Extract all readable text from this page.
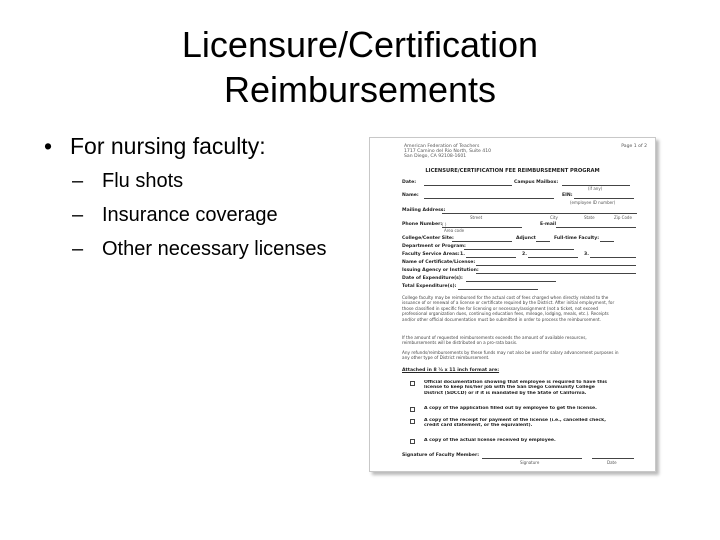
Licensure/Certification
Reimbursements
• For nursing faculty:
– Flu shots
– Insurance coverage
– Other necessary licenses
American Federation of Teachers
1717 Camino del Rio North, Suite 410
San Diego, CA 92108-1601
Page 1 of 2
LICENSURE/CERTIFICATION FEE REIMBURSEMENT PROGRAM
Date:	Campus Mailbox:
(if any)
Name:	EIN:
(employee ID number)
Mailing Address:
Street	City	State	Zip Code
Phone Number: ( )	E-mail
Area code
College/Center Site:	Adjunct	Full-time Faculty:
Department or Program:
Faculty Service Areas: 1.	2.	3.
Name of Certificate/License:
Issuing Agency or Institution:
Date of Expenditure(s):
Total Expenditure(s):
College faculty may be reimbursed for the actual cost of fees charged when directly related to the
issuance of or renewal of a license or certificate required by the District. After initial employment, for
those classified in specific fee for licensing or necessary/assignment (not a ticket, not exceed
professional organization dues, continuing education fees, mileage, lodging, meals, etc.). Receipts
and/or other official documentation must be submitted in order to process the reimbursement.
If the amount of requested reimbursements exceeds the amount of available resources,
reimbursements will be distributed on a pro-rata basis.
Any refunds/reimbursements by these funds may not also be used for salary advancement purposes in
any other type of District reimbursement.
Attached in 8 ½ x 11 inch format are:
Official documentation showing that employee is required to have this
license to keep his/her job with the San Diego Community College
District (SDCCD) or if it is mandated by the State of California.
A copy of the application filled out by employee to get the license.
A copy of the receipt for payment of the license (i.e., cancelled check,
credit card statement, or the equivalent).
A copy of the actual license received by employee.
Signature of Faculty Member:
Signature	Date
